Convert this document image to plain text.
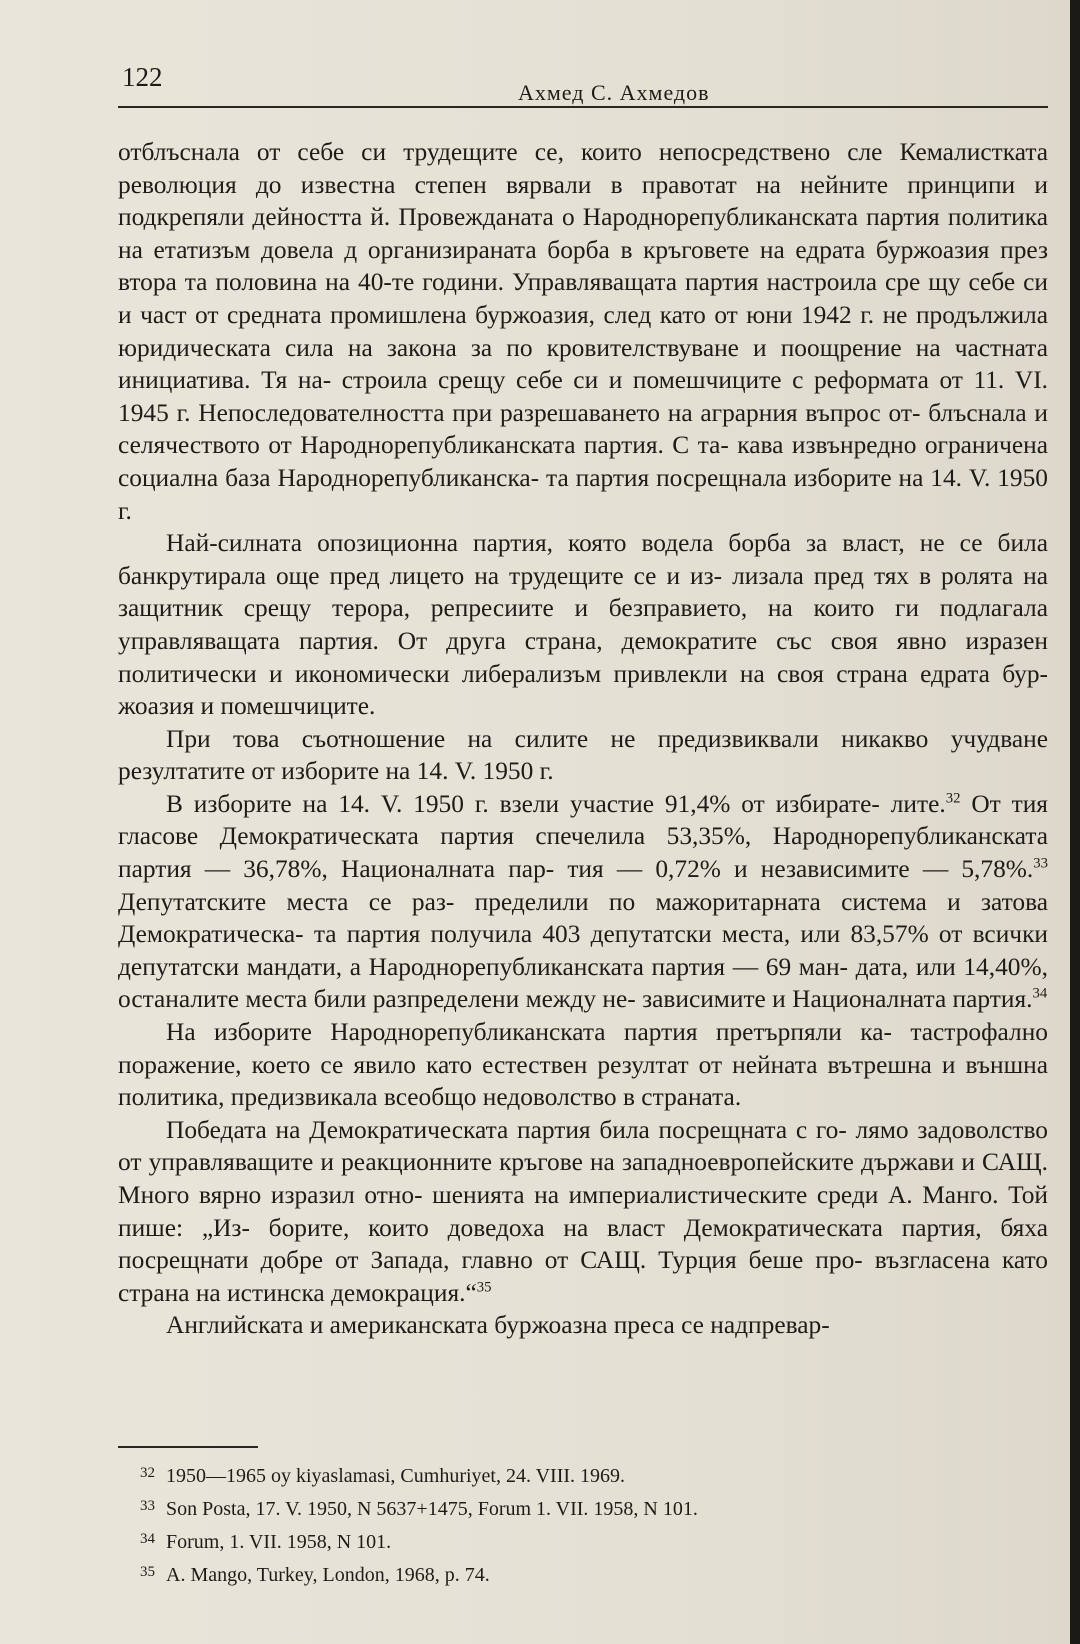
122
Ахмед С. Ахмедов

отблъснала от себе си трудещите се, които непосредствено сле Кемалистката революция до известна степен вярвали в правотат на нейните принципи и подкрепяли дейността й. Провежданата о Народнорепубликанската партия политика на етатизъм довела д организираната борба в кръговете на едрата буржоазия през втора та половина на 40-те години. Управляващата партия настроила сре щу себе си и част от средната промишлена буржоазия, след като от юни 1942 г. не продължила юридическата сила на закона за по кровителствуване и поощрение на частната инициатива. Тя на- строила срещу себе си и помешчиците с реформата от 11. VI. 1945 г. Непоследователността при разрешаването на аграрния въпрос от- блъснала и селячеството от Народнорепубликанската партия. С та- кава извънредно ограничена социална база Народнорепубликанска- та партия посрещнала изборите на 14. V. 1950 г.

Най-силната опозиционна партия, която водела борба за власт, не се била банкрутирала още пред лицето на трудещите се и из- лизала пред тях в ролята на защитник срещу терора, репресиите и безправието, на които ги подлагала управляващата партия. От друга страна, демократите със своя явно изразен политически и икономически либерализъм привлекли на своя страна едрата бур- жоазия и помешчиците.

При това съотношение на силите не предизвиквали никакво учудване резултатите от изборите на 14. V. 1950 г.

В изборите на 14. V. 1950 г. взели участие 91,4% от избирате- лите.$^{32}$ От тия гласове Демократическата партия спечелила 53,35%, Народнорепубликанската партия — 36,78%, Националната пар- тия — 0,72% и независимите — 5,78%.$^{33}$ Депутатските места се раз- пределили по мажоритарната система и затова Демократическа- та партия получила 403 депутатски места, или 83,57% от всички депутатски мандати, а Народнорепубликанската партия — 69 ман- дата, или 14,40%, останалите места били разпределени между не- зависимите и Националната партия.$^{34}$

На изборите Народнорепубликанската партия претърпяли ка- тастрофално поражение, което се явило като естествен резултат от нейната вътрешна и външна политика, предизвикала всеобщо недоволство в страната.

Победата на Демократическата партия била посрещната с го- лямо задоволство от управляващите и реакционните кръгове на западноевропейските държави и САЩ. Много вярно изразил отно- шенията на империалистическите среди А. Манго. Той пише: „Из- борите, които доведоха на власт Демократическата партия, бяха посрещнати добре от Запада, главно от САЩ. Турция беше про- възгласена като страна на истинска демокрация.“$^{35}$

Английската и американската буржоазна преса се надпревар-

32 1950—1965 oy kiyaslamasi, Cumhuriyet, 24. VIII. 1969.
33 Son Posta, 17. V. 1950, N 5637+1475, Forum 1. VII. 1958, N 101.
34 Forum, 1. VII. 1958, N 101.
35 A. Mango, Turkey, London, 1968, p. 74.
